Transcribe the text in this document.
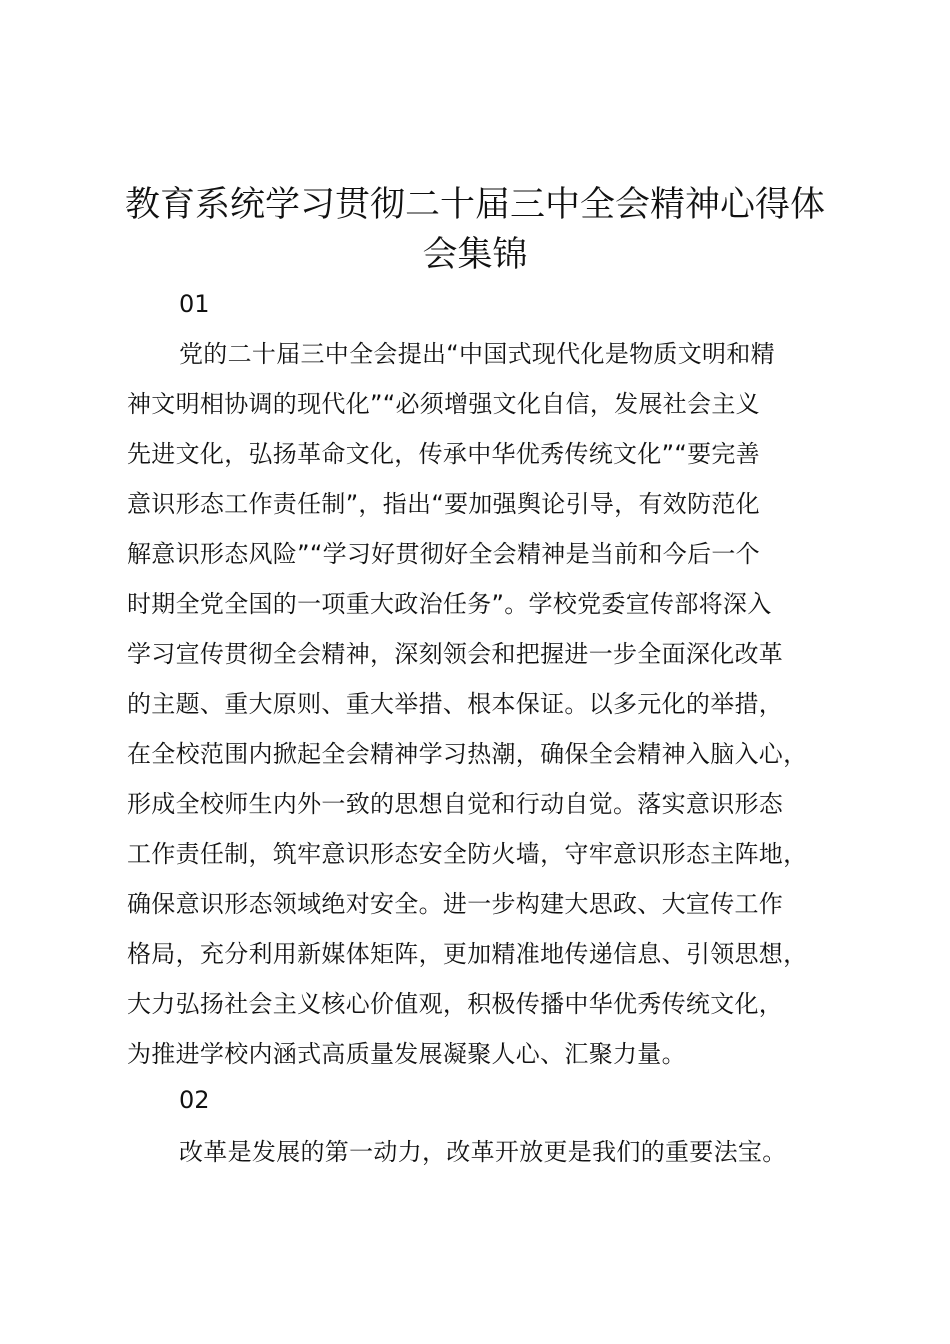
教育系统学习贯彻二十届三中全会精神心得体
会集锦
01
党的二十届三中全会提出“中国式现代化是物质文明和精
神文明相协调的现代化”“必须增强文化自信，发展社会主义
先进文化，弘扬革命文化，传承中华优秀传统文化”“要完善
意识形态工作责任制”，指出“要加强舆论引导，有效防范化
解意识形态风险”“学习好贯彻好全会精神是当前和今后一个
时期全党全国的一项重大政治任务”。学校党委宣传部将深入
学习宣传贯彻全会精神，深刻领会和把握进一步全面深化改革
的主题、重大原则、重大举措、根本保证。以多元化的举措，
在全校范围内掀起全会精神学习热潮，确保全会精神入脑入心，
形成全校师生内外一致的思想自觉和行动自觉。落实意识形态
工作责任制，筑牢意识形态安全防火墙，守牢意识形态主阵地，
确保意识形态领域绝对安全。进一步构建大思政、大宣传工作
格局，充分利用新媒体矩阵，更加精准地传递信息、引领思想，
大力弘扬社会主义核心价值观，积极传播中华优秀传统文化，
为推进学校内涵式高质量发展凝聚人心、汇聚力量。
02
改革是发展的第一动力，改革开放更是我们的重要法宝。
